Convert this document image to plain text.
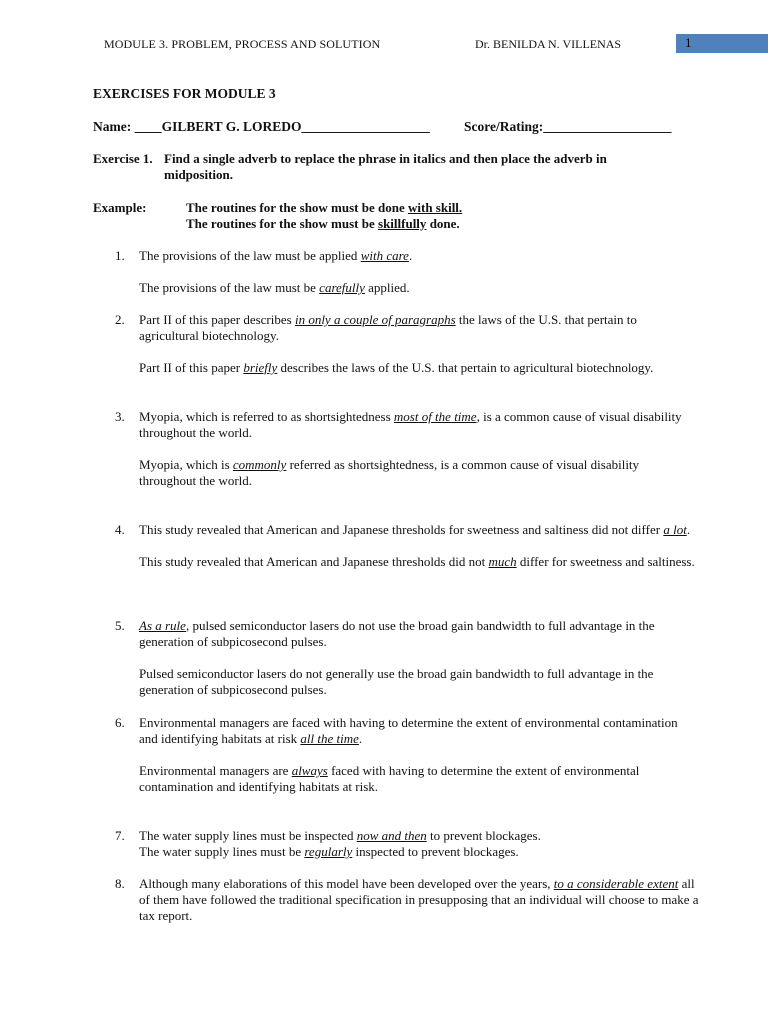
MODULE 3. PROBLEM, PROCESS AND SOLUTION	Dr. BENILDA N. VILLENAS	1
EXERCISES FOR MODULE 3
Name: ____GILBERT G. LOREDO___________________	Score/Rating:___________________
Exercise 1. Find a single adverb to replace the phrase in italics and then place the adverb in
midposition.
Example:	The routines for the show must be done with skill.
The routines for the show must be skillfully done.
1. The provisions of the law must be applied with care.
The provisions of the law must be carefully applied.
2. Part II of this paper describes in only a couple of paragraphs the laws of the U.S. that pertain to agricultural biotechnology.
Part II of this paper briefly describes the laws of the U.S. that pertain to agricultural biotechnology.
3. Myopia, which is referred to as shortsightedness most of the time, is a common cause of visual disability throughout the world.
Myopia, which is commonly referred as shortsightedness, is a common cause of visual disability throughout the world.
4. This study revealed that American and Japanese thresholds for sweetness and saltiness did not differ a lot.
This study revealed that American and Japanese thresholds did not much differ for sweetness and saltiness.
5. As a rule, pulsed semiconductor lasers do not use the broad gain bandwidth to full advantage in the generation of subpicosecond pulses.
Pulsed semiconductor lasers do not generally use the broad gain bandwidth to full advantage in the generation of subpicosecond pulses.
6. Environmental managers are faced with having to determine the extent of environmental contamination and identifying habitats at risk all the time.
Environmental managers are always faced with having to determine the extent of environmental contamination and identifying habitats at risk.
7. The water supply lines must be inspected now and then to prevent blockages.
The water supply lines must be regularly inspected to prevent blockages.
8. Although many elaborations of this model have been developed over the years, to a considerable extent all of them have followed the traditional specification in presupposing that an individual will choose to make a tax report.
